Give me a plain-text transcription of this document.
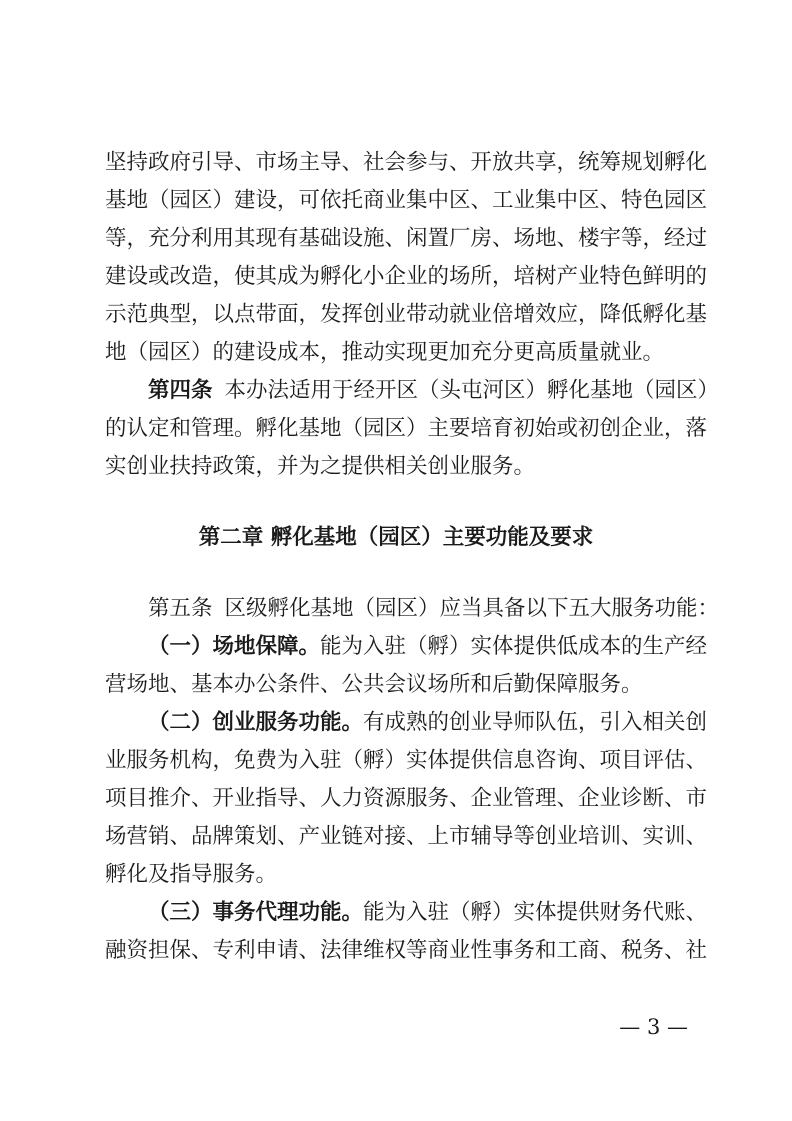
坚持政府引导、市场主导、社会参与、开放共享，统筹规划孵化
基地（园区）建设，可依托商业集中区、工业集中区、特色园区
等，充分利用其现有基础设施、闲置厂房、场地、楼宇等，经过
建设或改造，使其成为孵化小企业的场所，培树产业特色鲜明的
示范典型，以点带面，发挥创业带动就业倍增效应，降低孵化基
地（园区）的建设成本，推动实现更加充分更高质量就业。
第四条 本办法适用于经开区（头屯河区）孵化基地（园区）
的认定和管理。孵化基地（园区）主要培育初始或初创企业，落
实创业扶持政策，并为之提供相关创业服务。
第二章 孵化基地（园区）主要功能及要求
第五条 区级孵化基地（园区）应当具备以下五大服务功能：
（一）场地保障。 能为入驻（孵）实体提供低成本的生产经
营场地、基本办公条件、公共会议场所和后勤保障服务。
（二）创业服务功能。 有成熟的创业导师队伍，引入相关创
业服务机构，免费为入驻（孵）实体提供信息咨询、项目评估、
项目推介、开业指导、人力资源服务、企业管理、企业诊断、市
场营销、品牌策划、产业链对接、上市辅导等创业培训、实训、
孵化及指导服务。
（三）事务代理功能。 能为入驻（孵）实体提供财务代账、
融资担保、专利申请、法律维权等商业性事务和工商、税务、社
— 3 —
